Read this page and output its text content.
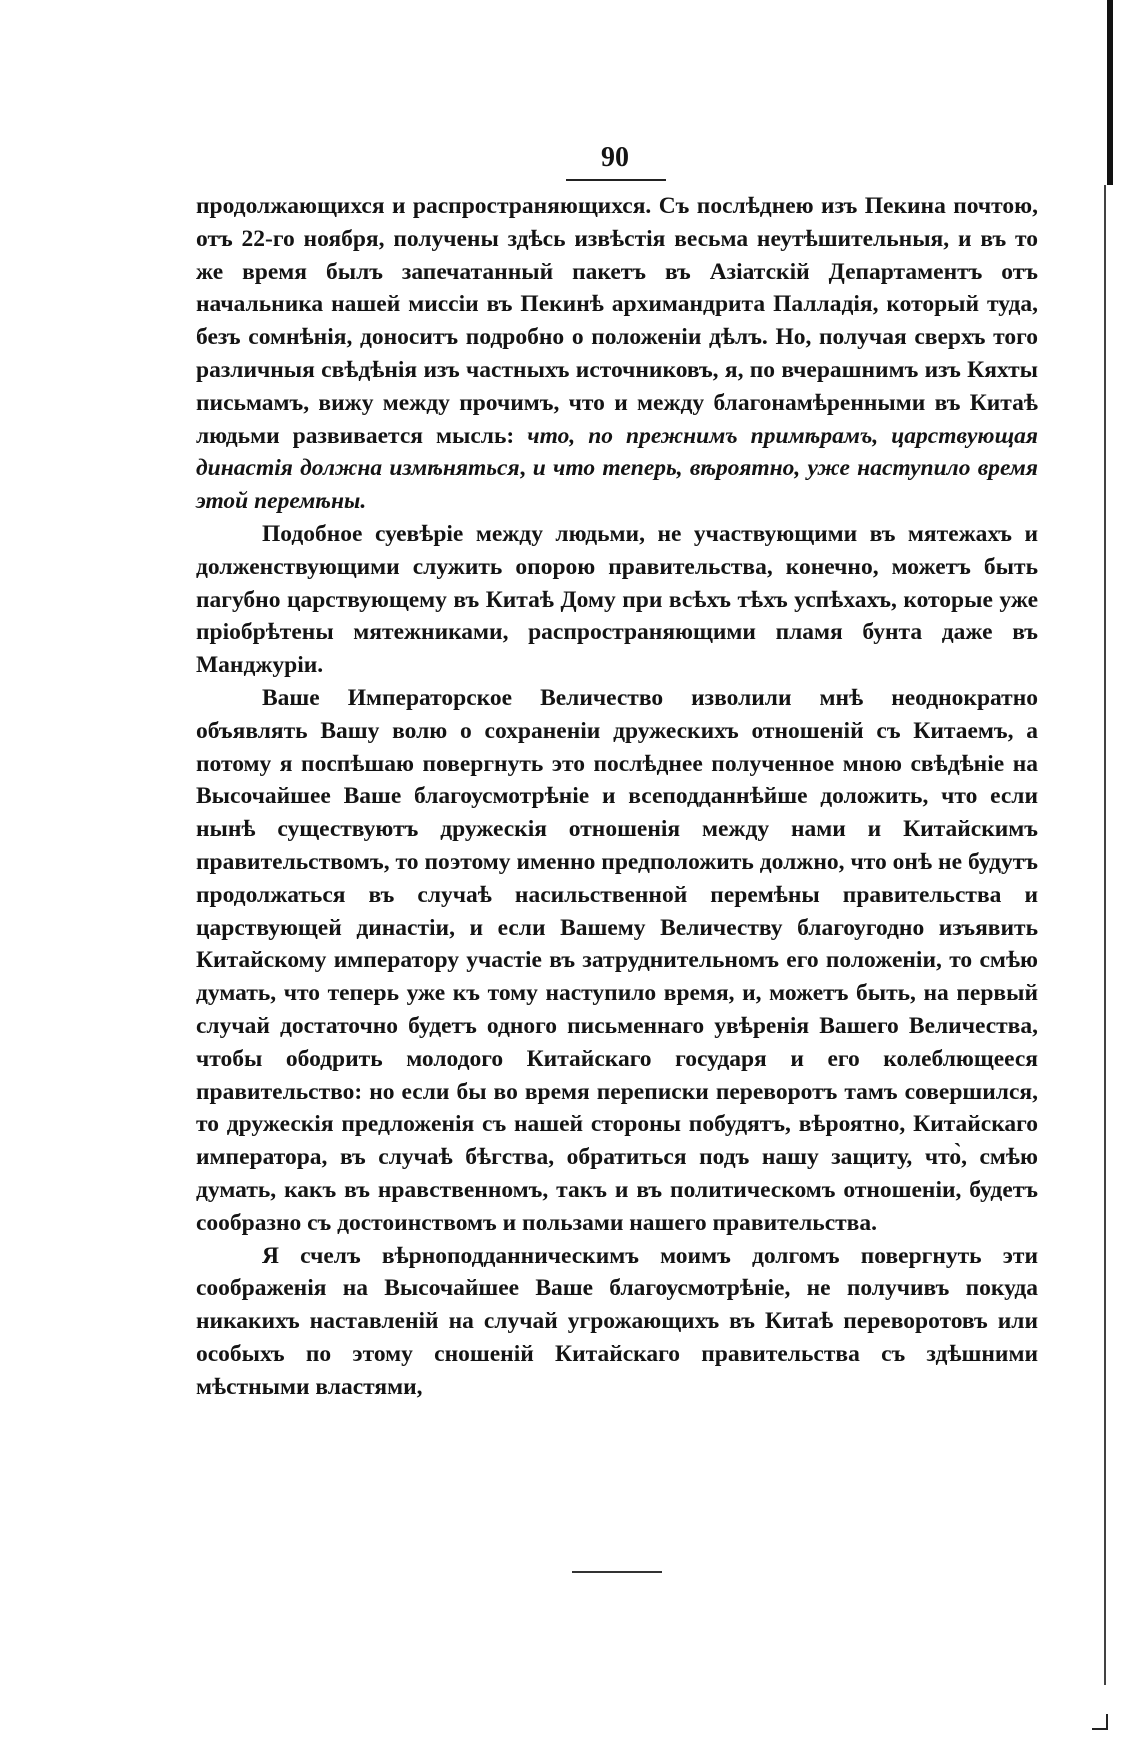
90

продолжающихся и распространяющихся. Съ послѣднею изъ Пекина почтою, отъ 22-го ноября, получены здѣсь извѣстія весьма неутѣшительныя, и въ то же время былъ запечатанный пакетъ въ Азіатскій Департаментъ отъ начальника нашей миссіи въ Пекинѣ архимандрита Палладія, который туда, безъ сомнѣнія, доноситъ подробно о положеніи дѣлъ. Но, получая сверхъ того различныя свѣдѣнія изъ частныхъ источниковъ, я, по вчерашнимъ изъ Кяхты письмамъ, вижу между прочимъ, что и между благонамѣренными въ Китаѣ людьми развивается мысль: что, по прежнимъ примѣрамъ, царствующая династія должна измѣняться, и что теперь, вѣроятно, уже наступило время этой перемѣны.

Подобное суевѣріе между людьми, не участвующими въ мятежахъ и долженствующими служить опорою правительства, конечно, можетъ быть пагубно царствующему въ Китаѣ Дому при всѣхъ тѣхъ успѣхахъ, которые уже пріобрѣтены мятежниками, распространяющими пламя бунта даже въ Манджуріи.

Ваше Императорское Величество изволили мнѣ неоднократно объявлять Вашу волю о сохраненіи дружескихъ отношеній съ Китаемъ, а потому я поспѣшаю повергнуть это послѣднее полученное мною свѣдѣніе на Высочайшее Ваше благоусмотрѣніе и всеподданнѣйше доложить, что если нынѣ существуютъ дружескія отношенія между нами и Китайскимъ правительствомъ, то поэтому именно предположить должно, что онѣ не будутъ продолжаться въ случаѣ насильственной перемѣны правительства и царствующей династіи, и если Вашему Величеству благоугодно изъявить Китайскому императору участіе въ затруднительномъ его положеніи, то смѣю думать, что теперь уже къ тому наступило время, и, можетъ быть, на первый случай достаточно будетъ одного письменнаго увѣренія Вашего Величества, чтобы ободрить молодого Китайскаго государя и его колеблющееся правительство: но если бы во время переписки переворотъ тамъ совершился, то дружескія предложенія съ нашей стороны побудятъ, вѣроятно, Китайскаго императора, въ случаѣ бѣгства, обратиться подъ нашу защиту, что̀, смѣю думать, какъ въ нравственномъ, такъ и въ политическомъ отношеніи, будетъ сообразно съ достоинствомъ и пользами нашего правительства.

Я счелъ вѣрноподданническимъ моимъ долгомъ повергнуть эти соображенія на Высочайшее Ваше благоусмотрѣніе, не получивъ покуда никакихъ наставленій на случай угрожающихъ въ Китаѣ переворотовъ или особыхъ по этому сношеній Китайскаго правительства съ здѣшними мѣстными властями,
